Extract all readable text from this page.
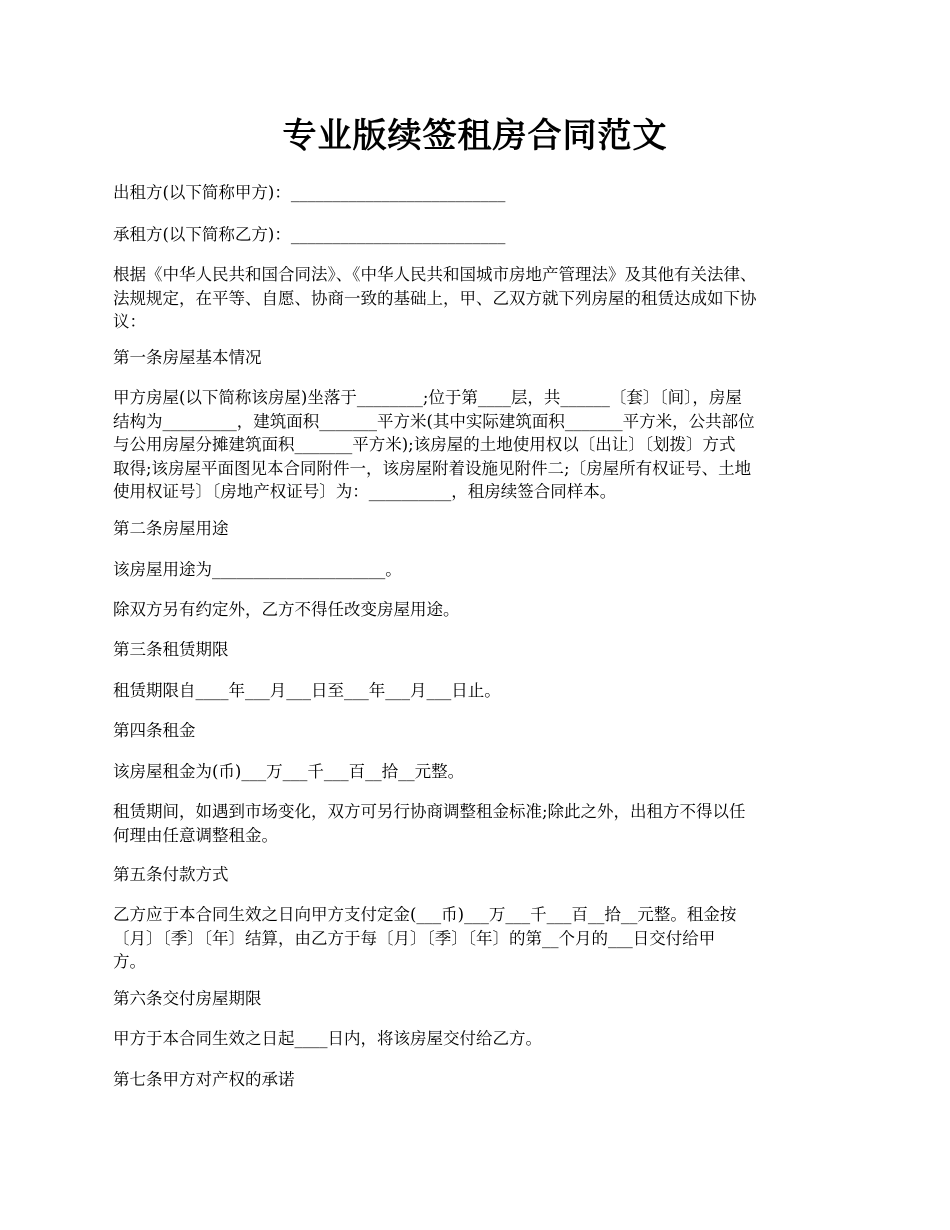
专业版续签租房合同范文

出租方(以下简称甲方)：__________________________

承租方(以下简称乙方)：__________________________

根据《中华人民共和国合同法》、《中华人民共和国城市房地产管理法》及其他有关法律、
法规规定，在平等、自愿、协商一致的基础上，甲、乙双方就下列房屋的租赁达成如下协
议：

第一条房屋基本情况

甲方房屋(以下简称该房屋)坐落于________;位于第____层，共______〔套〕〔间〕，房屋
结构为_________，建筑面积_______平方米(其中实际建筑面积_______平方米，公共部位
与公用房屋分摊建筑面积_______平方米);该房屋的土地使用权以〔出让〕〔划拨〕方式
取得;该房屋平面图见本合同附件一，该房屋附着设施见附件二;〔房屋所有权证号、土地
使用权证号〕〔房地产权证号〕为：__________，租房续签合同样本。

第二条房屋用途

该房屋用途为_____________________。

除双方另有约定外，乙方不得任改变房屋用途。

第三条租赁期限

租赁期限自____年___月___日至___年___月___日止。

第四条租金

该房屋租金为(币)___万___千___百__拾__元整。

租赁期间，如遇到市场变化，双方可另行协商调整租金标准;除此之外，出租方不得以任
何理由任意调整租金。

第五条付款方式

乙方应于本合同生效之日向甲方支付定金(___币)___万___千___百__拾__元整。租金按
〔月〕〔季〕〔年〕结算，由乙方于每〔月〕〔季〕〔年〕的第__个月的___日交付给甲
方。

第六条交付房屋期限

甲方于本合同生效之日起____日内，将该房屋交付给乙方。

第七条甲方对产权的承诺
